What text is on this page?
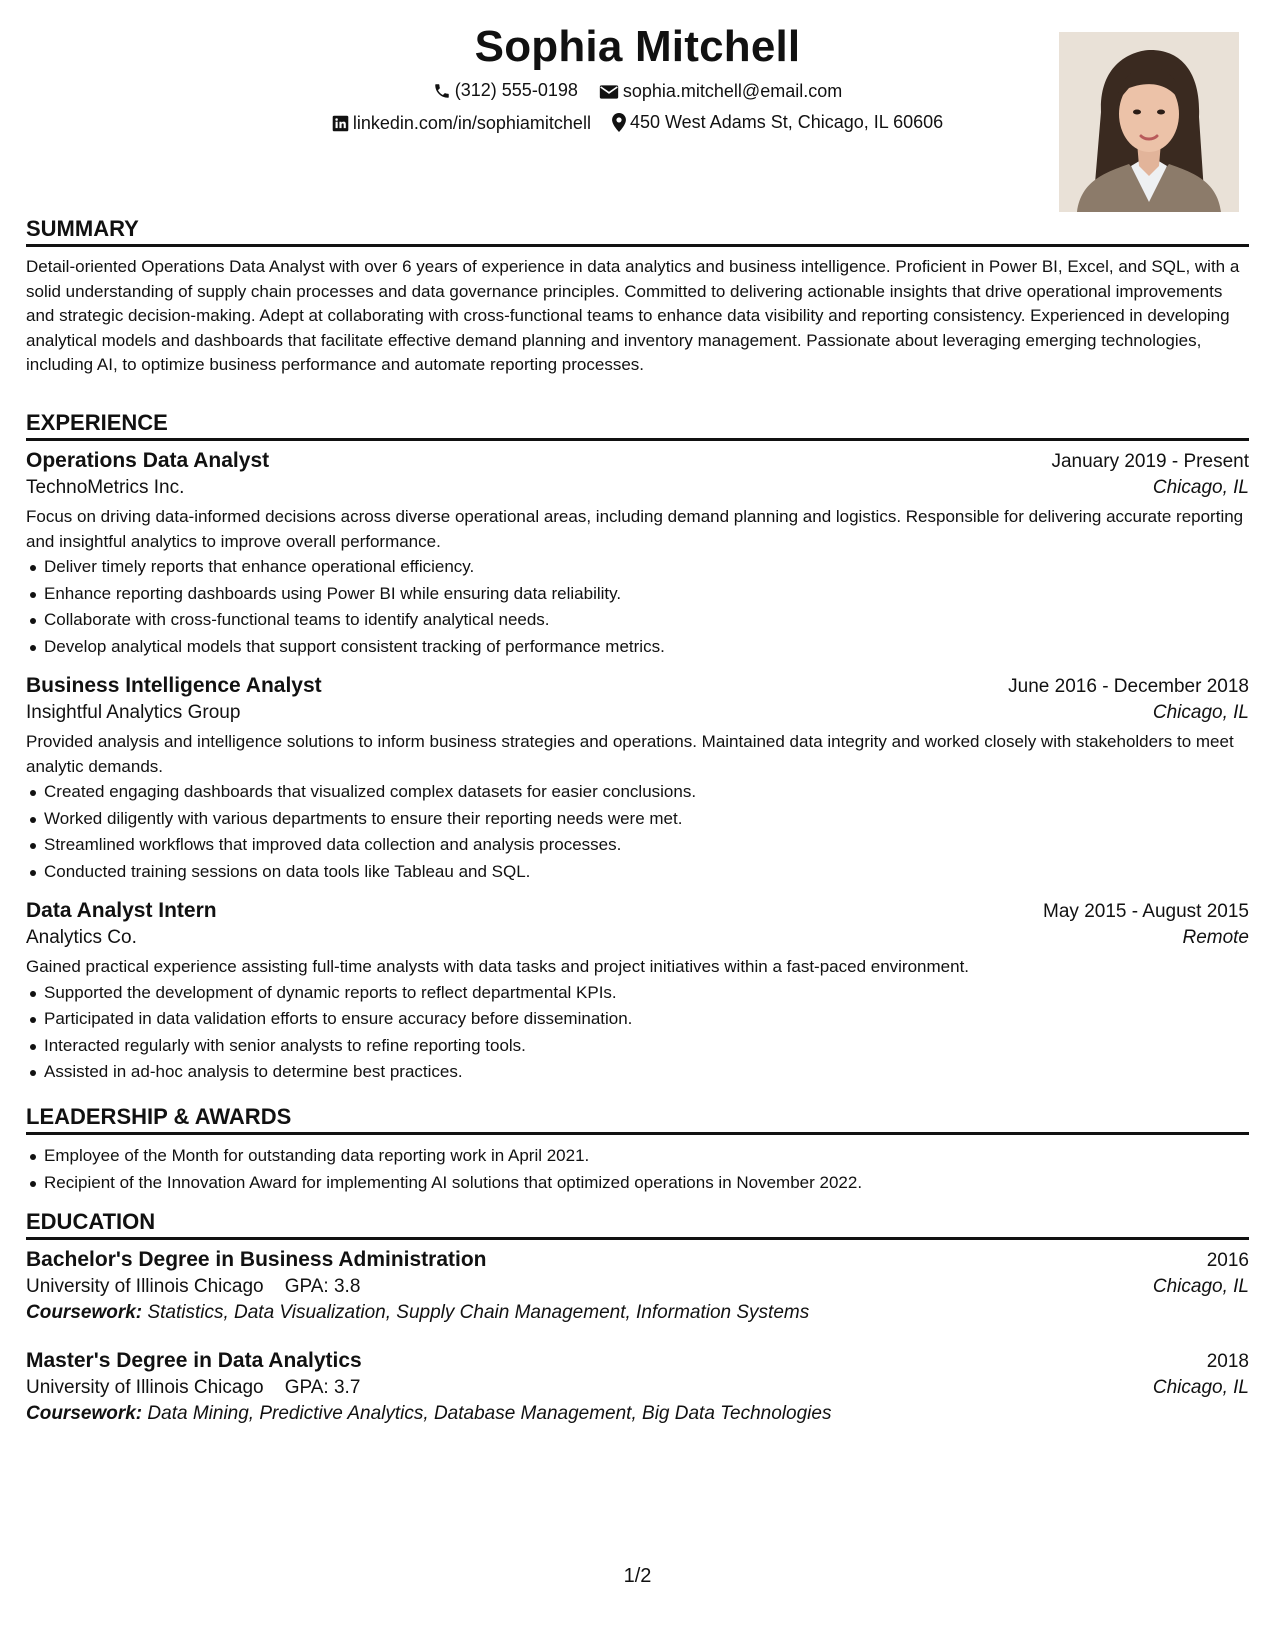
Sophia Mitchell
(312) 555-0198
	sophia.mitchell@email.com
linkedin.com/in/sophiamitchell
450 West Adams St, Chicago, IL 60606
SUMMARY

Detail-oriented Operations Data Analyst with over 6 years of experience in data analytics and business intelligence. Proficient in Power BI, Excel, and SQL, with a solid understanding of supply chain processes and data governance principles. Committed to delivering actionable insights that drive operational improvements and strategic decision-making. Adept at collaborating with cross-functional teams to enhance data visibility and reporting consistency. Experienced in developing analytical models and dashboards that facilitate effective demand planning and inventory management. Passionate about leveraging emerging technologies, including AI, to optimize business performance and automate reporting processes.

EXPERIENCE
Operations Data Analyst	January 2019 - Present
TechnoMetrics Inc.	Chicago, IL

Focus on driving data-informed decisions across diverse operational areas, including demand planning and logistics. Responsible for delivering accurate reporting and insightful analytics to improve overall performance.

Deliver timely reports that enhance operational efficiency.
Enhance reporting dashboards using Power BI while ensuring data reliability.
Collaborate with cross-functional teams to identify analytical needs.
Develop analytical models that support consistent tracking of performance metrics.
Business Intelligence Analyst	June 2016 - December 2018
Insightful Analytics Group	Chicago, IL

Provided analysis and intelligence solutions to inform business strategies and operations. Maintained data integrity and worked closely with stakeholders to meet analytic demands.

Created engaging dashboards that visualized complex datasets for easier conclusions.
Worked diligently with various departments to ensure their reporting needs were met.
Streamlined workflows that improved data collection and analysis processes.
Conducted training sessions on data tools like Tableau and SQL.
Data Analyst Intern	May 2015 - August 2015
Analytics Co.	Remote

Gained practical experience assisting full-time analysts with data tasks and project initiatives within a fast-paced environment.

Supported the development of dynamic reports to reflect departmental KPIs.
Participated in data validation efforts to ensure accuracy before dissemination.
Interacted regularly with senior analysts to refine reporting tools.
Assisted in ad-hoc analysis to determine best practices.
LEADERSHIP & AWARDS
Employee of the Month for outstanding data reporting work in April 2021.
Recipient of the Innovation Award for implementing AI solutions that optimized operations in November 2022.
EDUCATION
Bachelor's Degree in Business Administration	2016
University of Illinois Chicago GPA: 3.8	Chicago, IL
Coursework: Statistics, Data Visualization, Supply Chain Management, Information Systems
Master's Degree in Data Analytics	2018
University of Illinois Chicago GPA: 3.7	Chicago, IL
Coursework: Data Mining, Predictive Analytics, Database Management, Big Data Technologies
1/2
